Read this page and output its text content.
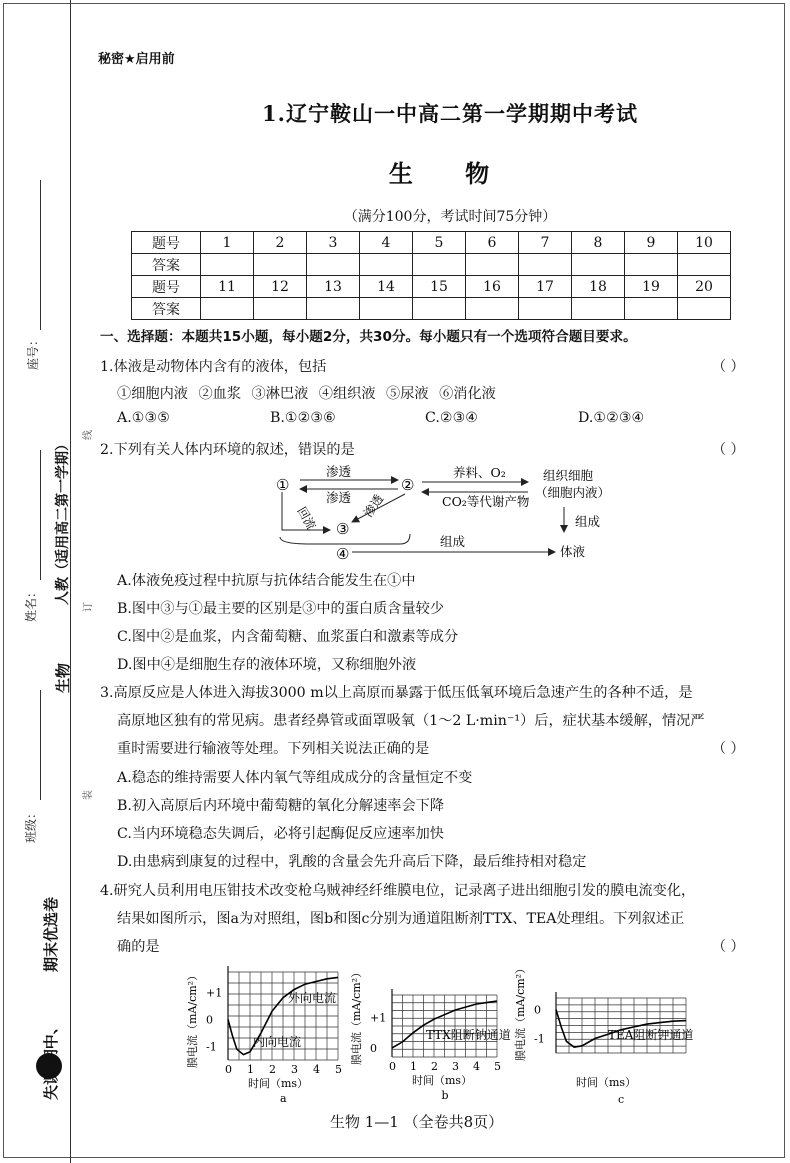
座号：
线
人教（适用高二第一学期）
姓名：	订
生物
装
班级：
失误·期中、
期末优选卷
秘密★启用前
1.辽宁鞍山一中高二第一学期期中考试
生 物
（满分100分，考试时间75分钟）
题号	1	2	3	4	5	6	7	8	9	10
答案										
题号	11	12	13	14	15	16	17	18	19	20
答案										
一、选择题：本题共15小题，每小题2分，共30分。每小题只有一个选项符合题目要求。
1.体液是动物体内含有的液体，包括	（ ）
①细胞内液 ②血浆 ③淋巴液 ④组织液 ⑤尿液 ⑥消化液
A.①③⑤	B.①②③⑥	C.②③④	D.①②③④
2.下列有关人体内环境的叙述，错误的是	（ ）
①	②
③
④
渗透
渗透
回流	渗透
养料、O₂
CO₂等代谢产物
组织细胞
（细胞内液）
组成
组成
体液
A.体液免疫过程中抗原与抗体结合能发生在①中
B.图中③与①最主要的区别是③中的蛋白质含量较少
C.图中②是血浆，内含葡萄糖、血浆蛋白和激素等成分
D.图中④是细胞生存的液体环境，又称细胞外液
3.高原反应是人体进入海拔3000 m以上高原而暴露于低压低氧环境后急速产生的各种不适，是
高原地区独有的常见病。患者经鼻管或面罩吸氧（1～2 L·min⁻¹）后，症状基本缓解，情况严
重时需要进行输液等处理。下列相关说法正确的是	（ ）
A.稳态的维持需要人体内氧气等组成成分的含量恒定不变
B.初入高原后内环境中葡萄糖的氧化分解速率会下降
C.当内环境稳态失调后，必将引起酶促反应速率加快
D.由患病到康复的过程中，乳酸的含量会先升高后下降，最后维持相对稳定
4.研究人员利用电压钳技术改变枪乌贼神经纤维膜电位，记录离子进出细胞引发的膜电流变化，
结果如图所示，图a为对照组，图b和图c分别为通道阻断剂TTX、TEA处理组。下列叙述正
确的是	（ ）
+1
0
-1
0 1 2 3 4 5
膜电流（mA/cm²）
时间（ms）
a
+1
0
0 1 2 3 4 5
膜电流（mA/cm²）
时间（ms）
b
0
-1
膜电流（mA/cm²）
时间（ms）
c
外向电流
内向电流	TTX阻断钠通道	TEA阻断钾通道
生物 1—1 （全卷共8页）
